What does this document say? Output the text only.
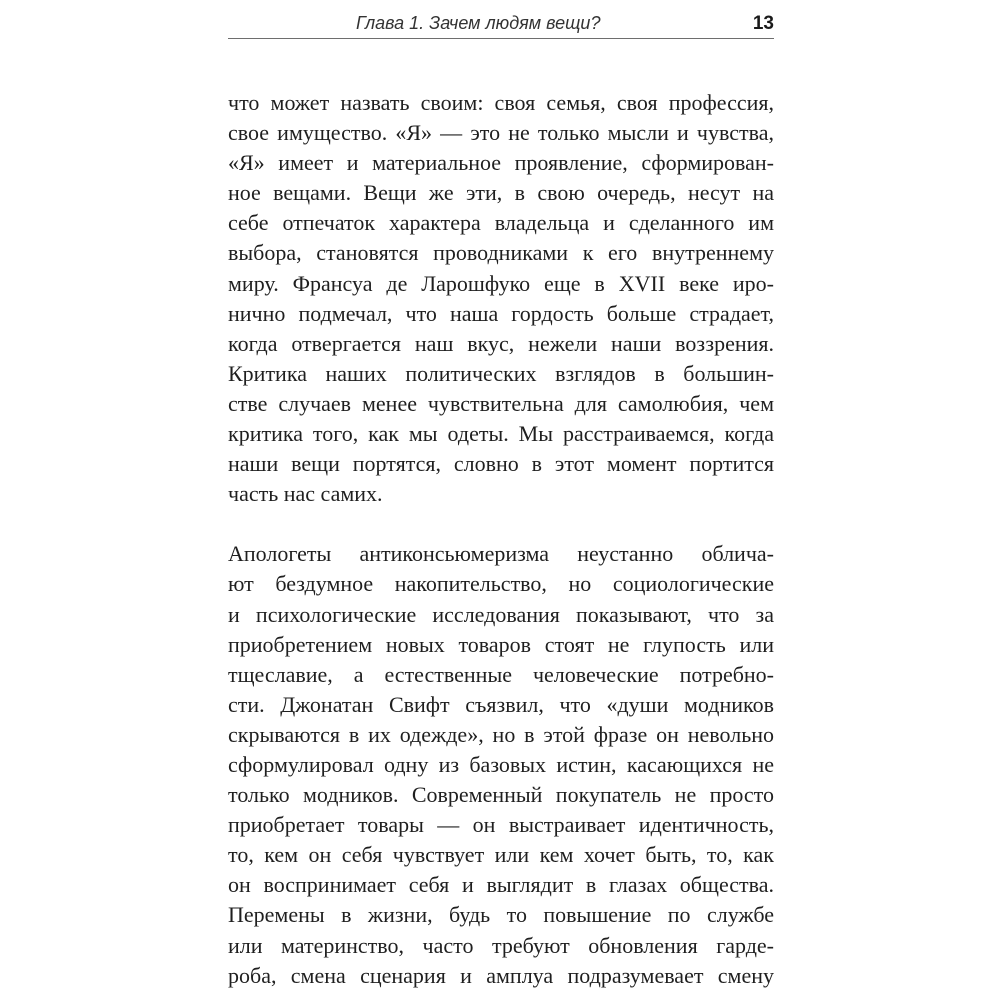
Глава 1. Зачем людям вещи?	13
что может назвать своим: своя семья, своя профессия,
свое имущество. «Я» — это не только мысли и чувства,
«Я» имеет и материальное проявление, сформирован-
ное вещами. Вещи же эти, в свою очередь, несут на
себе отпечаток характера владельца и сделанного им
выбора, становятся проводниками к его внутреннему
миру. Франсуа де Ларошфуко еще в XVII веке иро-
нично подмечал, что наша гордость больше страдает,
когда отвергается наш вкус, нежели наши воззрения.
Критика наших политических взглядов в большин-
стве случаев менее чувствительна для самолюбия, чем
критика того, как мы одеты. Мы расстраиваемся, когда
наши вещи портятся, словно в этот момент портится
часть нас самих.
Апологеты антиконсьюмеризма неустанно облича-
ют бездумное накопительство, но социологические
и психологические исследования показывают, что за
приобретением новых товаров стоят не глупость или
тщеславие, а естественные человеческие потребно-
сти. Джонатан Свифт съязвил, что «души модников
скрываются в их одежде», но в этой фразе он невольно
сформулировал одну из базовых истин, касающихся не
только модников. Современный покупатель не просто
приобретает товары — он выстраивает идентичность,
то, кем он себя чувствует или кем хочет быть, то, как
он воспринимает себя и выглядит в глазах общества.
Перемены в жизни, будь то повышение по службе
или материнство, часто требуют обновления гарде-
роба, смена сценария и амплуа подразумевает смену
